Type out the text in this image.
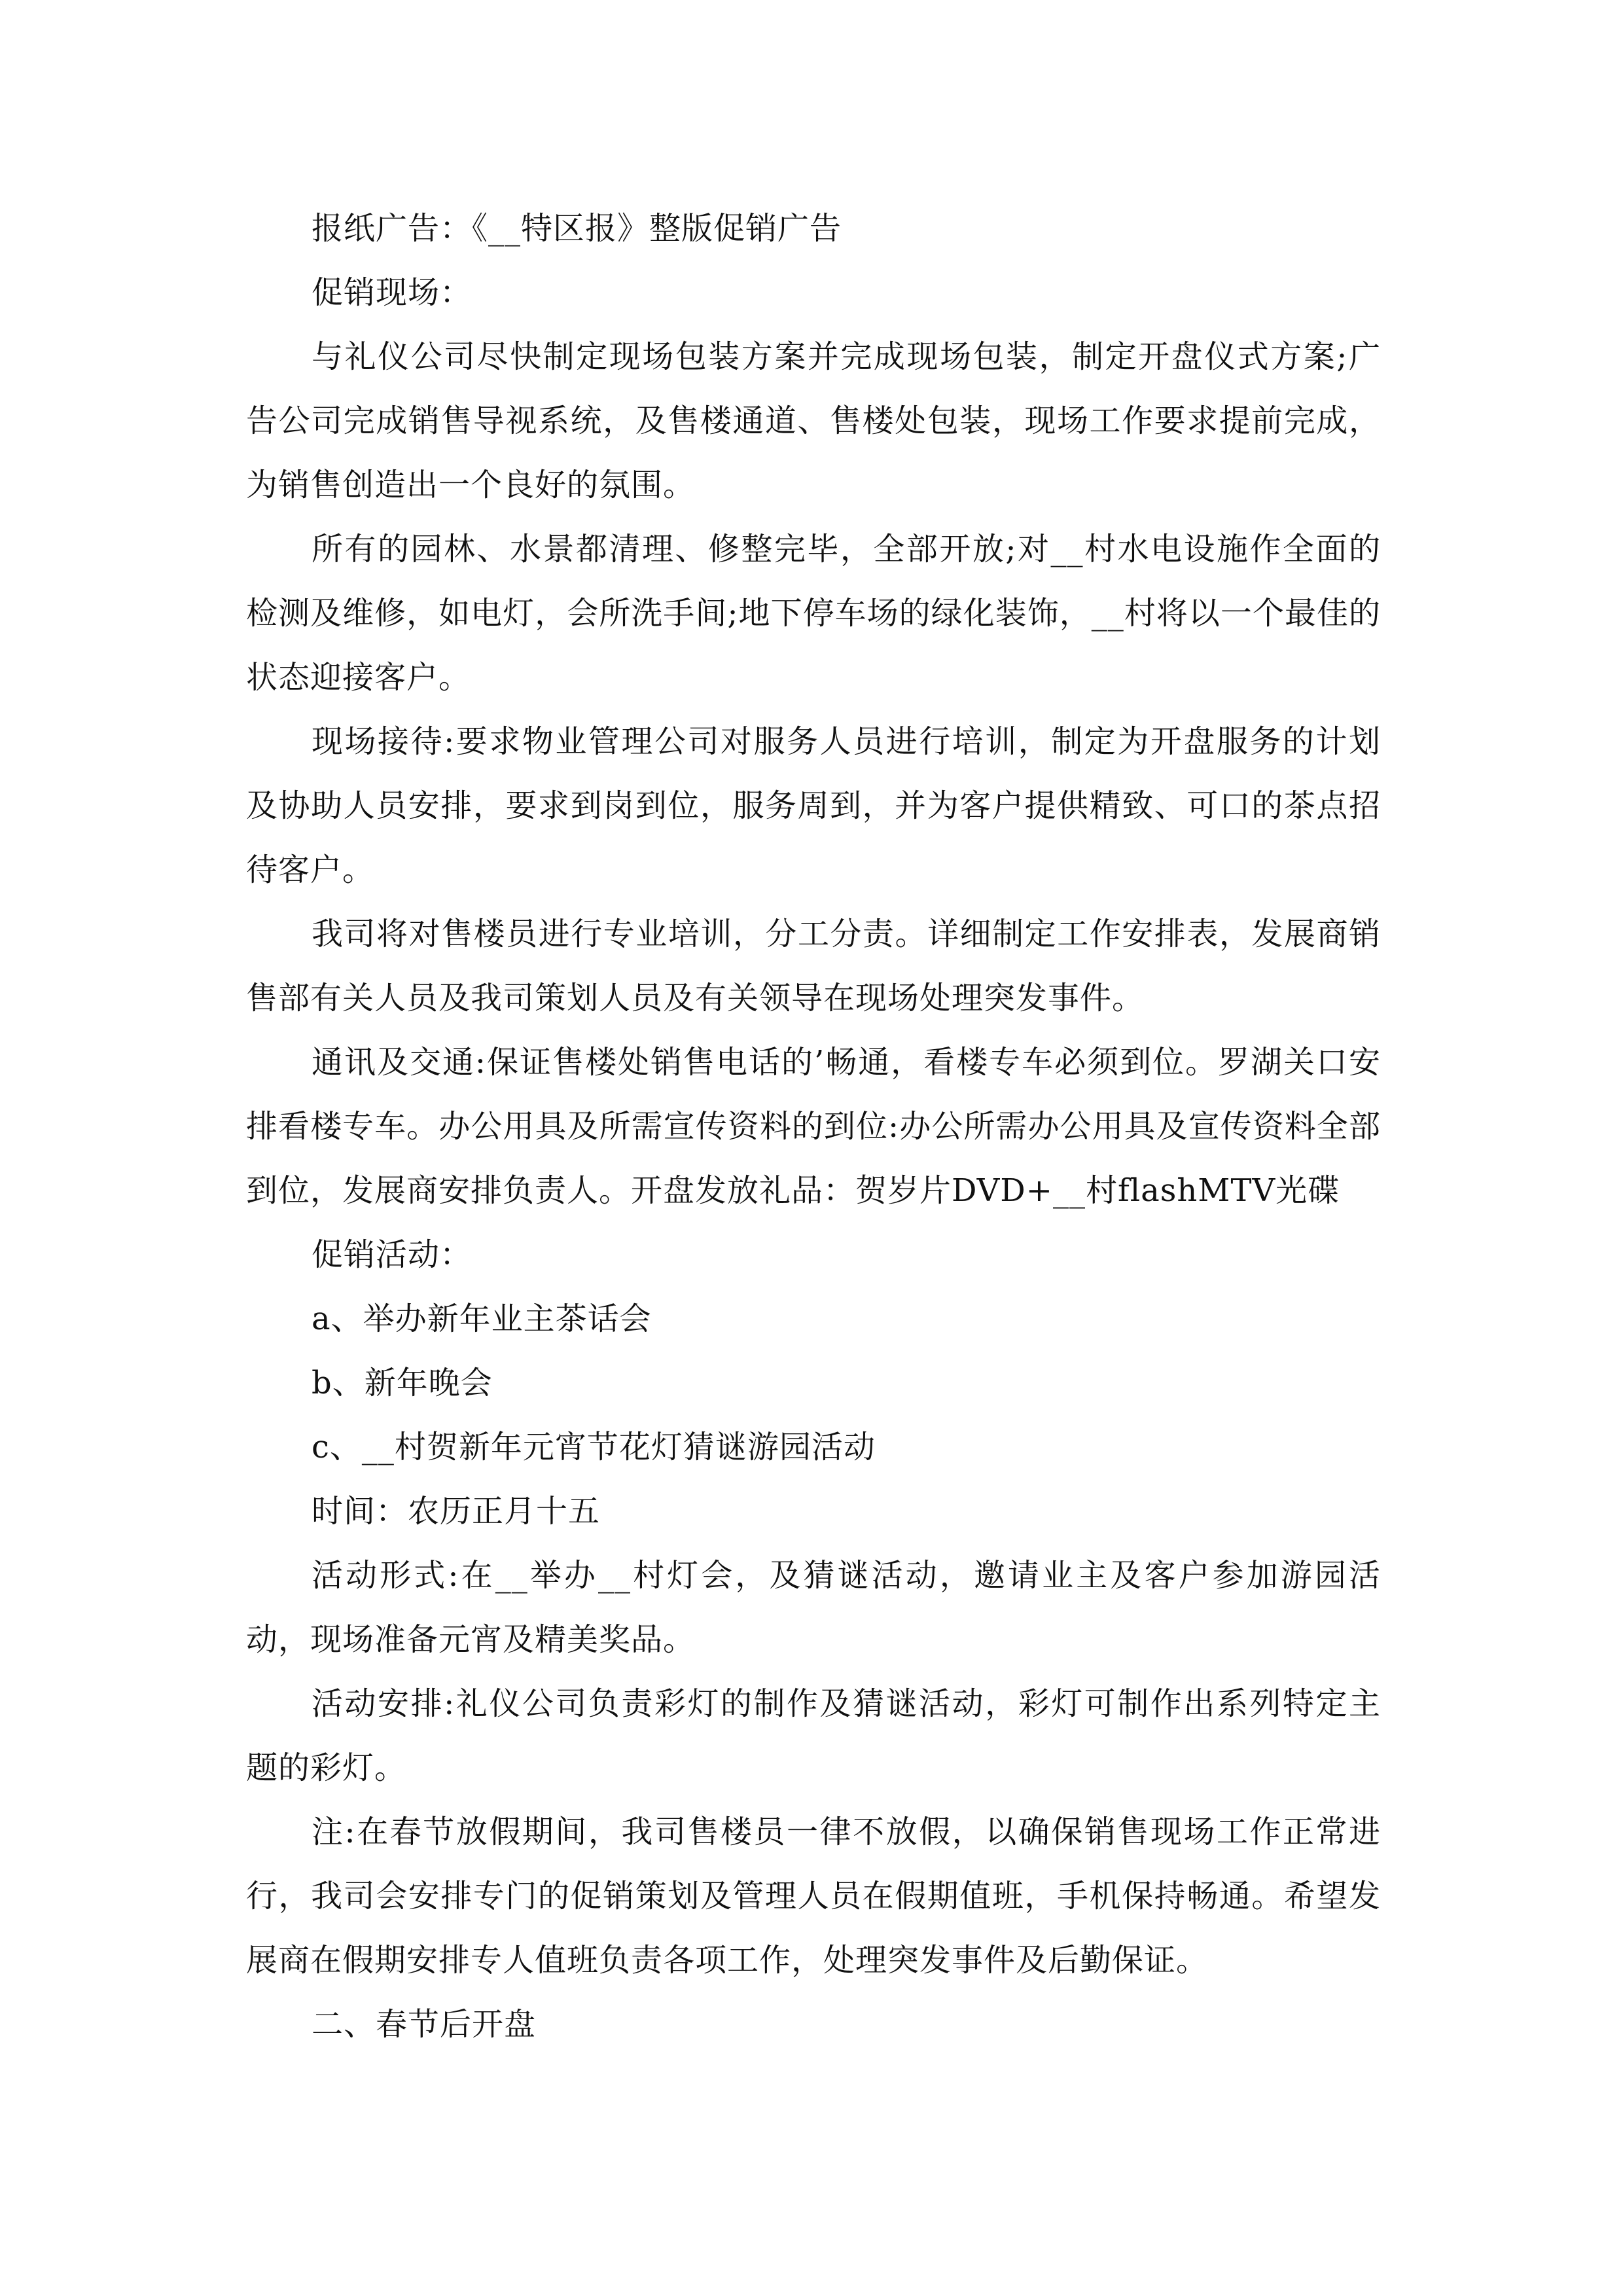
报纸广告：《__特区报》整版促销广告

促销现场：

与礼仪公司尽快制定现场包装方案并完成现场包装，制定开盘仪式方案;广告公司完成销售导视系统，及售楼通道、售楼处包装，现场工作要求提前完成，为销售创造出一个良好的氛围。

所有的园林、水景都清理、修整完毕，全部开放;对__村水电设施作全面的检测及维修，如电灯，会所洗手间;地下停车场的绿化装饰，__村将以一个最佳的状态迎接客户。

现场接待:要求物业管理公司对服务人员进行培训，制定为开盘服务的计划及协助人员安排，要求到岗到位，服务周到，并为客户提供精致、可口的茶点招待客户。

我司将对售楼员进行专业培训，分工分责。详细制定工作安排表，发展商销售部有关人员及我司策划人员及有关领导在现场处理突发事件。

通讯及交通:保证售楼处销售电话的’畅通，看楼专车必须到位。罗湖关口安排看楼专车。办公用具及所需宣传资料的到位:办公所需办公用具及宣传资料全部到位，发展商安排负责人。开盘发放礼品：贺岁片DVD+__村flashMTV光碟

促销活动：

a、举办新年业主茶话会

b、新年晚会

c、__村贺新年元宵节花灯猜谜游园活动

时间：农历正月十五

活动形式:在__举办__村灯会，及猜谜活动，邀请业主及客户参加游园活动，现场准备元宵及精美奖品。

活动安排:礼仪公司负责彩灯的制作及猜谜活动，彩灯可制作出系列特定主题的彩灯。

注:在春节放假期间，我司售楼员一律不放假，以确保销售现场工作正常进行，我司会安排专门的促销策划及管理人员在假期值班，手机保持畅通。希望发展商在假期安排专人值班负责各项工作，处理突发事件及后勤保证。

二、春节后开盘
